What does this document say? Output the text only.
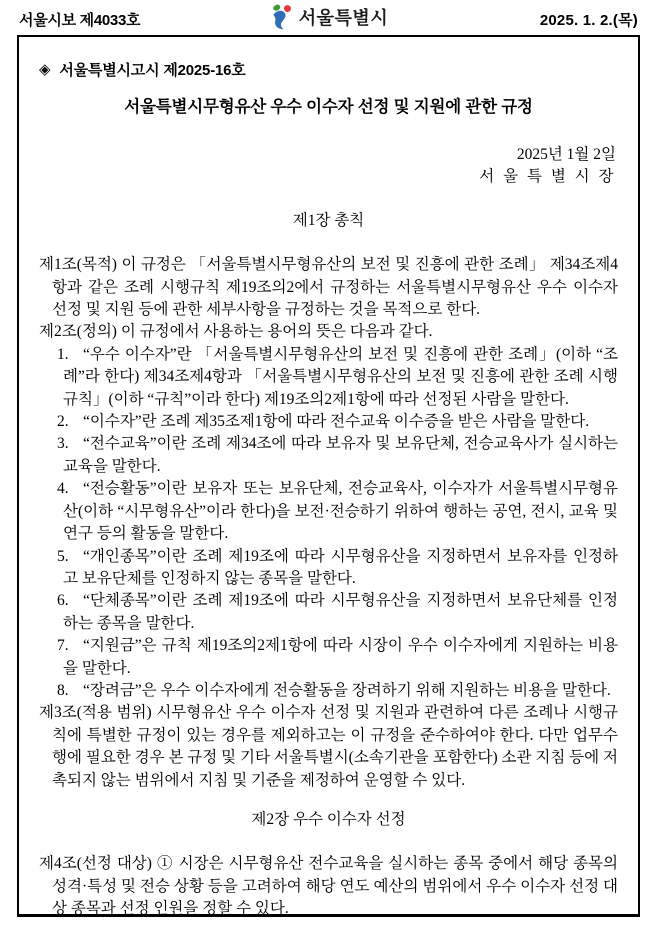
서울시보 제4033호	서울특별시	2025. 1. 2.(목)
◈ 서울특별시고시 제2025-16호
서울특별시무형유산 우수 이수자 선정 및 지원에 관한 규정
2025년 1월 2일
서 울 특 별 시 장
제1장 총칙

제1조(목적) 이 규정은 「서울특별시무형유산의 보전 및 진흥에 관한 조례」 제34조제4항과 같은 조례 시행규칙 제19조의2에서 규정하는 서울특별시무형유산 우수 이수자 선정 및 지원 등에 관한 세부사항을 규정하는 것을 목적으로 한다.

제2조(정의) 이 규정에서 사용하는 용어의 뜻은 다음과 같다.

1. “우수 이수자”란 「서울특별시무형유산의 보전 및 진흥에 관한 조례」(이하 “조례”라 한다) 제34조제4항과 「서울특별시무형유산의 보전 및 진흥에 관한 조례 시행규칙」(이하 “규칙”이라 한다) 제19조의2제1항에 따라 선정된 사람을 말한다.
2. “이수자”란 조례 제35조제1항에 따라 전수교육 이수증을 받은 사람을 말한다.
3. “전수교육”이란 조례 제34조에 따라 보유자 및 보유단체, 전승교육사가 실시하는 교육을 말한다.
4. “전승활동”이란 보유자 또는 보유단체, 전승교육사, 이수자가 서울특별시무형유산(이하 “시무형유산”이라 한다)을 보전·전승하기 위하여 행하는 공연, 전시, 교육 및 연구 등의 활동을 말한다.
5. “개인종목”이란 조례 제19조에 따라 시무형유산을 지정하면서 보유자를 인정하고 보유단체를 인정하지 않는 종목을 말한다.
6. “단체종목”이란 조례 제19조에 따라 시무형유산을 지정하면서 보유단체를 인정하는 종목을 말한다.
7. “지원금”은 규칙 제19조의2제1항에 따라 시장이 우수 이수자에게 지원하는 비용을 말한다.
8. “장려금”은 우수 이수자에게 전승활동을 장려하기 위해 지원하는 비용을 말한다.

제3조(적용 범위) 시무형유산 우수 이수자 선정 및 지원과 관련하여 다른 조례나 시행규칙에 특별한 규정이 있는 경우를 제외하고는 이 규정을 준수하여야 한다. 다만 업무수행에 필요한 경우 본 규정 및 기타 서울특별시(소속기관을 포함한다) 소관 지침 등에 저촉되지 않는 범위에서 지침 및 기준을 제정하여 운영할 수 있다.

제2장 우수 이수자 선정

제4조(선정 대상) ① 시장은 시무형유산 전수교육을 실시하는 종목 중에서 해당 종목의 성격·특성 및 전승 상황 등을 고려하여 해당 연도 예산의 범위에서 우수 이수자 선정 대상 종목과 선정 인원을 정할 수 있다.
